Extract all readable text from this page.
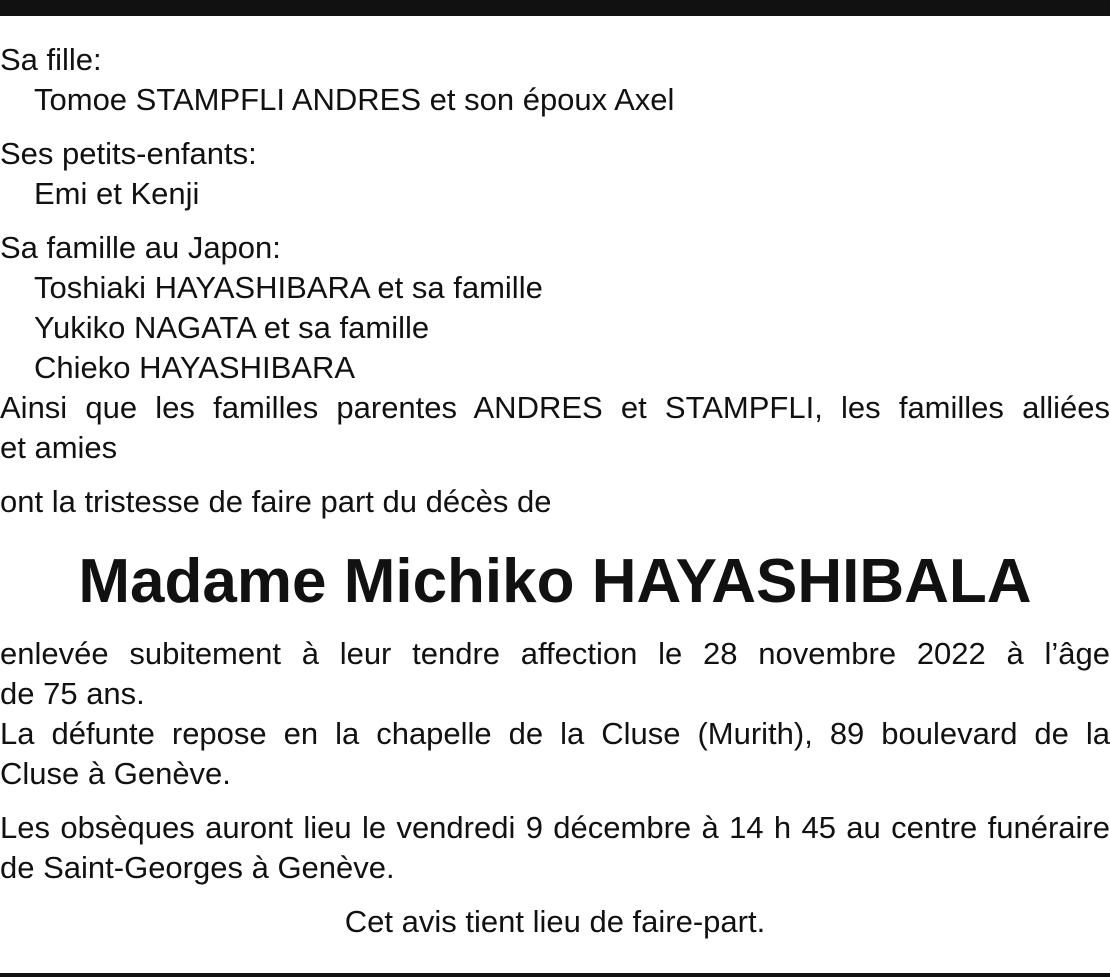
Sa fille:

Tomoe STAMPFLI ANDRES et son époux Axel

Ses petits-enfants:

Emi et Kenji

Sa famille au Japon:

Toshiaki HAYASHIBARA et sa famille

Yukiko NAGATA et sa famille

Chieko HAYASHIBARA

Ainsi que les familles parentes ANDRES et STAMPFLI, les familles alliées

et amies

ont la tristesse de faire part du décès de

Madame Michiko HAYASHIBALA

enlevée subitement à leur tendre affection le 28 novembre 2022 à l’âge

de 75 ans.

La défunte repose en la chapelle de la Cluse (Murith), 89 boulevard de la

Cluse à Genève.

Les obsèques auront lieu le vendredi 9 décembre à 14 h 45 au centre funéraire

de Saint-Georges à Genève.

Cet avis tient lieu de faire-part.
